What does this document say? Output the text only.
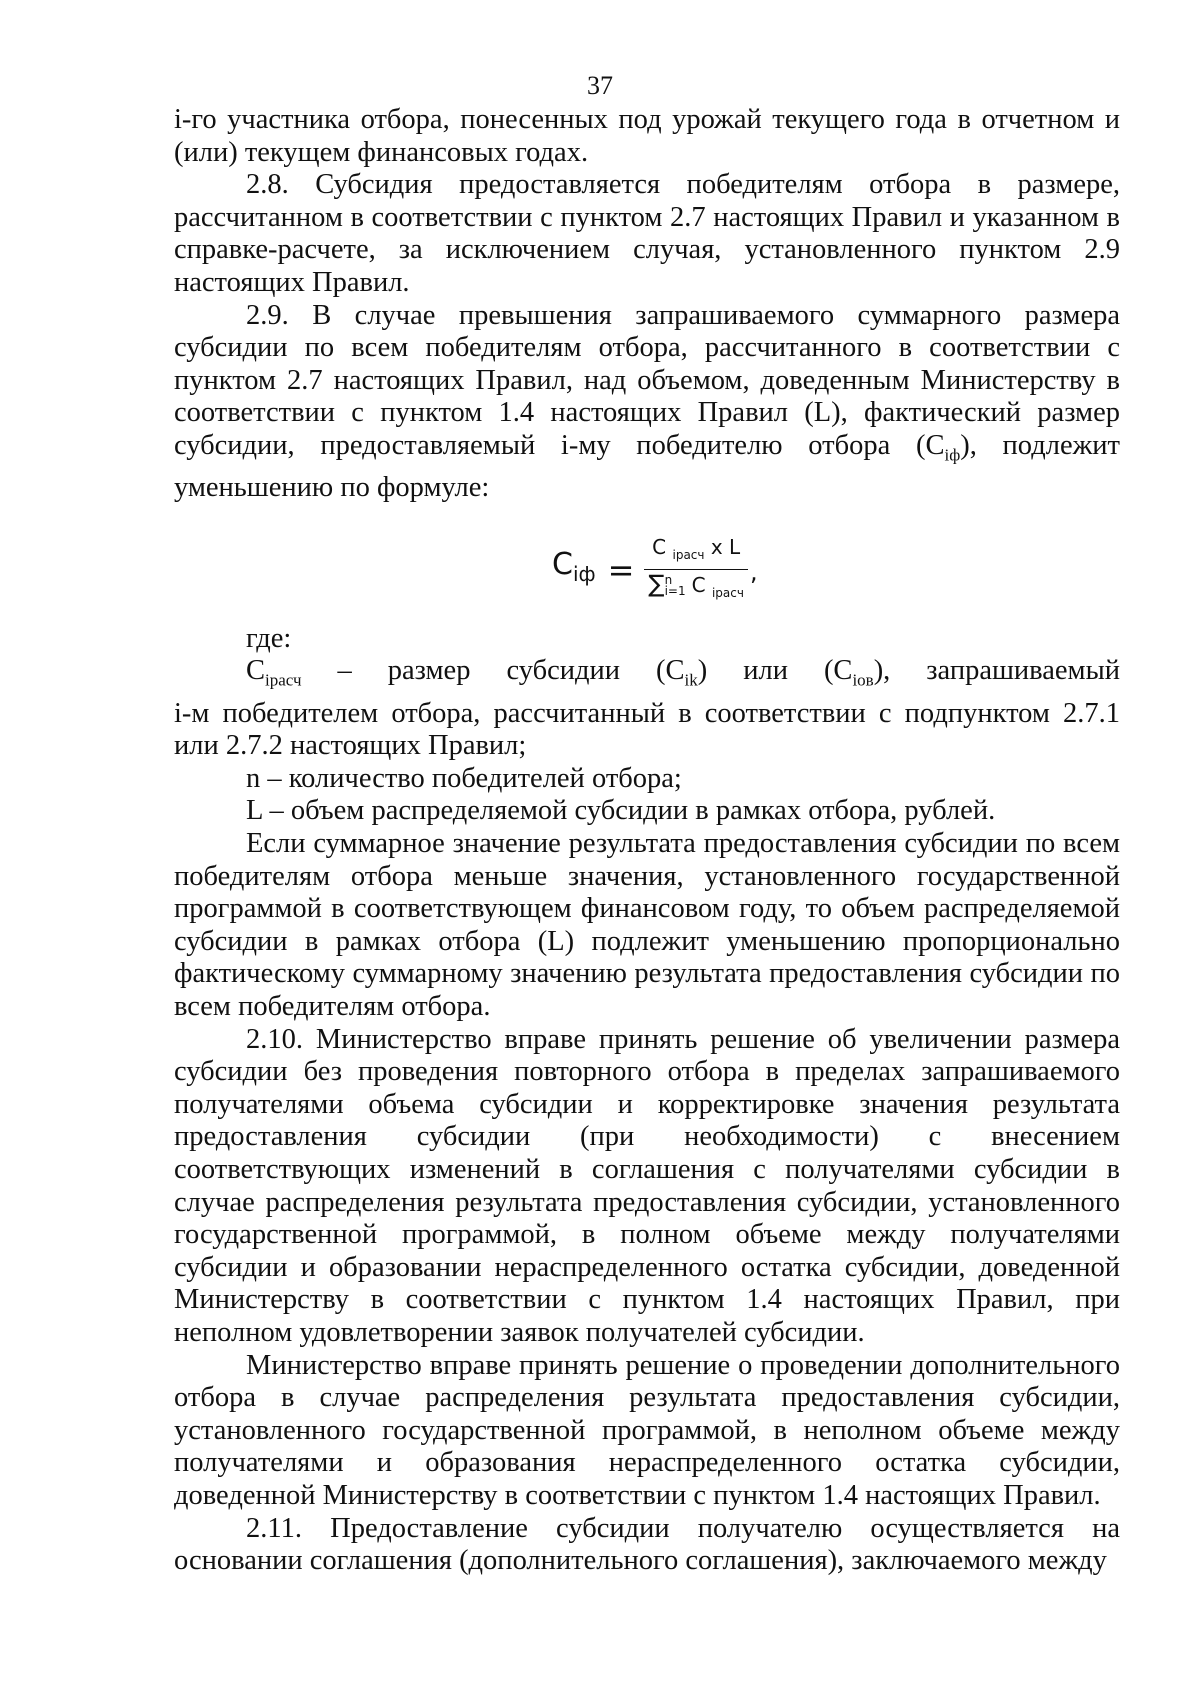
37

i-го участника отбора, понесенных под урожай текущего года в отчетном и (или) текущем финансовых годах.

2.8. Субсидия предоставляется победителям отбора в размере, рассчитанном в соответствии с пунктом 2.7 настоящих Правил и указанном в справке-расчете, за исключением случая, установленного пунктом 2.9 настоящих Правил.

2.9. В случае превышения запрашиваемого суммарного размера субсидии по всем победителям отбора, рассчитанного в соответствии с пунктом 2.7 настоящих Правил, над объемом, доведенным Министерству в соответствии с пунктом 1.4 настоящих Правил (L), фактический размер субсидии, предоставляемый i-му победителю отбора $(C_{iф})$, подлежит уменьшению по формуле:

$C_{iф} = C$ $_{iрасч}$ x L
∑ n
i=1 C $_{iрасч}$ ,

где:

$C_{iрасч}$ – размер субсидии $(C_{ik})$ или $(C_{iов})$, запрашиваемый

i-м победителем отбора, рассчитанный в соответствии с подпунктом 2.7.1 или 2.7.2 настоящих Правил;

n – количество победителей отбора;

L – объем распределяемой субсидии в рамках отбора, рублей.

Если суммарное значение результата предоставления субсидии по всем победителям отбора меньше значения, установленного государственной программой в соответствующем финансовом году, то объем распределяемой субсидии в рамках отбора (L) подлежит уменьшению пропорционально фактическому суммарному значению результата предоставления субсидии по всем победителям отбора.

2.10. Министерство вправе принять решение об увеличении размера субсидии без проведения повторного отбора в пределах запрашиваемого получателями объема субсидии и корректировке значения результата предоставления субсидии (при необходимости) с внесением соответствующих изменений в соглашения с получателями субсидии в случае распределения результата предоставления субсидии, установленного государственной программой, в полном объеме между получателями субсидии и образовании нераспределенного остатка субсидии, доведенной Министерству в соответствии с пунктом 1.4 настоящих Правил, при неполном удовлетворении заявок получателей субсидии.

Министерство вправе принять решение о проведении дополнительного отбора в случае распределения результата предоставления субсидии, установленного государственной программой, в неполном объеме между получателями и образования нераспределенного остатка субсидии, доведенной Министерству в соответствии с пунктом 1.4 настоящих Правил.

2.11. Предоставление субсидии получателю осуществляется на основании соглашения (дополнительного соглашения), заключаемого между
